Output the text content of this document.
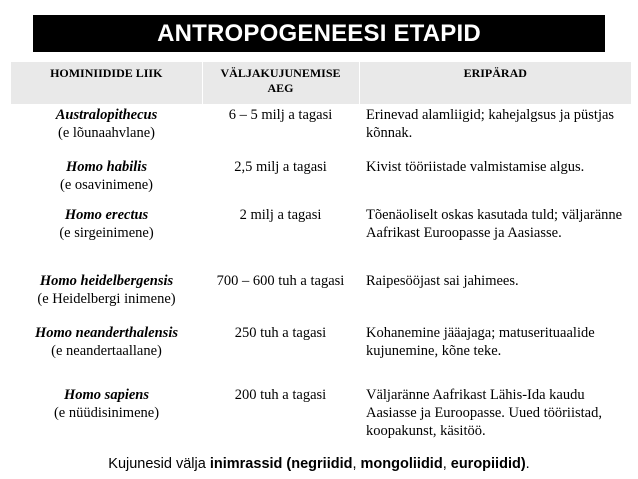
ANTROPOGENEESI ETAPID
HOMINIIDIDE LIIK	VÄLJAKUJUNEMISE AEG	ERIPÄRAD

Australopithecus
(e lõunaahvlane)	6 – 5 milj a tagasi	Erinevad alamliigid; kahejalgsus ja püstjas kõnnak.

Homo habilis
(e osavinimene)	2,5 milj a tagasi	Kivist tööriistade valmistamise algus.

Homo erectus
(e sirgeinimene)	2 milj a tagasi	Tõenäoliselt oskas kasutada tuld; väljaränne Aafrikast Euroopasse ja Aasiasse.

Homo heidelbergensis
(e Heidelbergi inimene)	700 – 600 tuh a tagasi	Raipesööjast sai jahimees.

Homo neanderthalensis
(e neandertaallane)	250 tuh a tagasi	Kohanemine jääajaga; matuserituaalide kujunemine, kõne teke.

Homo sapiens
(e nüüdisinimene)	200 tuh a tagasi	Väljaränne Aafrikast Lähis-Ida kaudu Aasiasse ja Euroopasse. Uued tööriistad, koopakunst, käsitöö.
Kujunesid välja inimrassid (negriidid, mongoliidid, europiidid).
